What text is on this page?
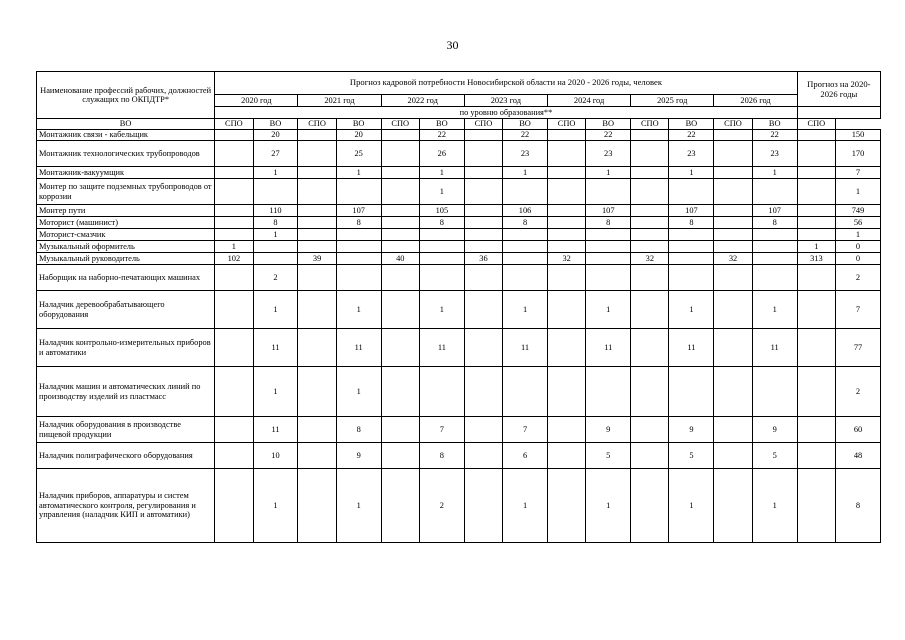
30
Наименование профессий рабочих, должностей служащих по ОКПДТР*	Прогноз кадровой потребности Новосибирской области на 2020 - 2026 годы, человек														Прогноз на 2020-2026 годы	
	2020 год		2021 год		2022 год		2023 год		2024 год		2025 год		2026 год			
	по уровню образования**															
ВО	СПО	ВО	СПО	ВО	СПО	ВО	СПО	ВО	СПО	ВО	СПО	ВО	СПО	ВО	СПО	
Монтажник связи - кабельщик		20		20		22		22		22		22		22		150
Монтажник технологических трубопроводов		27		25		26		23		23		23		23		170
Монтажник-вакуумщик		1		1		1		1		1		1		1		7
Монтер по защите подземных трубопроводов от коррозии						1										1
Монтер пути		110		107		105		106		107		107		107		749
Моторист (машинист)		8		8		8		8		8		8		8		56
Моторист-смазчик		1														1
Музыкальный оформитель	1														1	0
Музыкальный руководитель	102		39		40		36		32		32		32		313	0
Наборщик на наборно-печатающих машинах		2														2
Наладчик деревообрабатывающего оборудования		1		1		1		1		1		1		1		7
Наладчик контрольно-измерительных приборов и автоматики		11		11		11		11		11		11		11		77
Наладчик машин и автоматических линий по производству изделий из пластмасс		1		1												2
Наладчик оборудования в производстве пищевой продукции		11		8		7		7		9		9		9		60
Наладчик полиграфического оборудования		10		9		8		6		5		5		5		48
Наладчик приборов, аппаратуры и систем автоматического контроля, регулирования и управления (наладчик КИП и автоматики)		1		1		2		1		1		1		1		8
